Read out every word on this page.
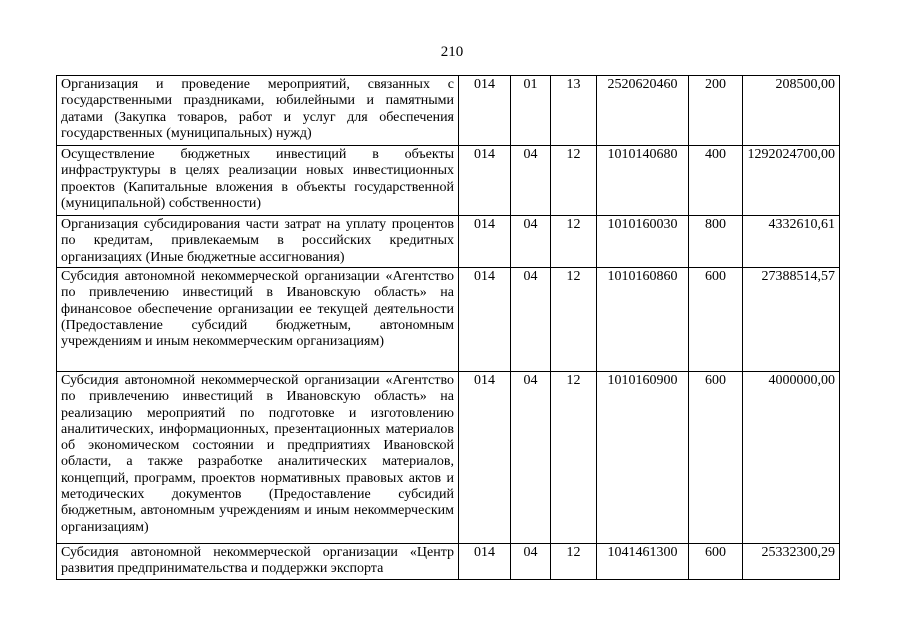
210
Организация и проведение мероприятий, связанных с государственными праздниками, юбилейными и памятными датами (Закупка товаров, работ и услуг для обеспечения государственных (муниципальных) нужд)	014	01	13	2520620460	200	208500,00
Осуществление бюджетных инвестиций в объекты инфраструктуры в целях реализации новых инвестиционных проектов (Капитальные вложения в объекты государственной (муниципальной) собственности)	014	04	12	1010140680	400	1292024700,00
Организация субсидирования части затрат на уплату процентов по кредитам, привлекаемым в российских кредитных организациях (Иные бюджетные ассигнования)	014	04	12	1010160030	800	4332610,61
Субсидия автономной некоммерческой организации «Агентство по привлечению инвестиций в Ивановскую область» на финансовое обеспечение организации ее текущей деятельности (Предоставление субсидий бюджетным, автономным учреждениям и иным некоммерческим организациям)	014	04	12	1010160860	600	27388514,57
Субсидия автономной некоммерческой организации «Агентство по привлечению инвестиций в Ивановскую область» на реализацию мероприятий по подготовке и изготовлению аналитических, информационных, презентационных материалов об экономическом состоянии и предприятиях Ивановской области, а также разработке аналитических материалов, концепций, программ, проектов нормативных правовых актов и методических документов (Предоставление субсидий бюджетным, автономным учреждениям и иным некоммерческим организациям)	014	04	12	1010160900	600	4000000,00
Субсидия автономной некоммерческой организации «Центр развития предпринимательства и поддержки экспорта	014	04	12	1041461300	600	25332300,29
